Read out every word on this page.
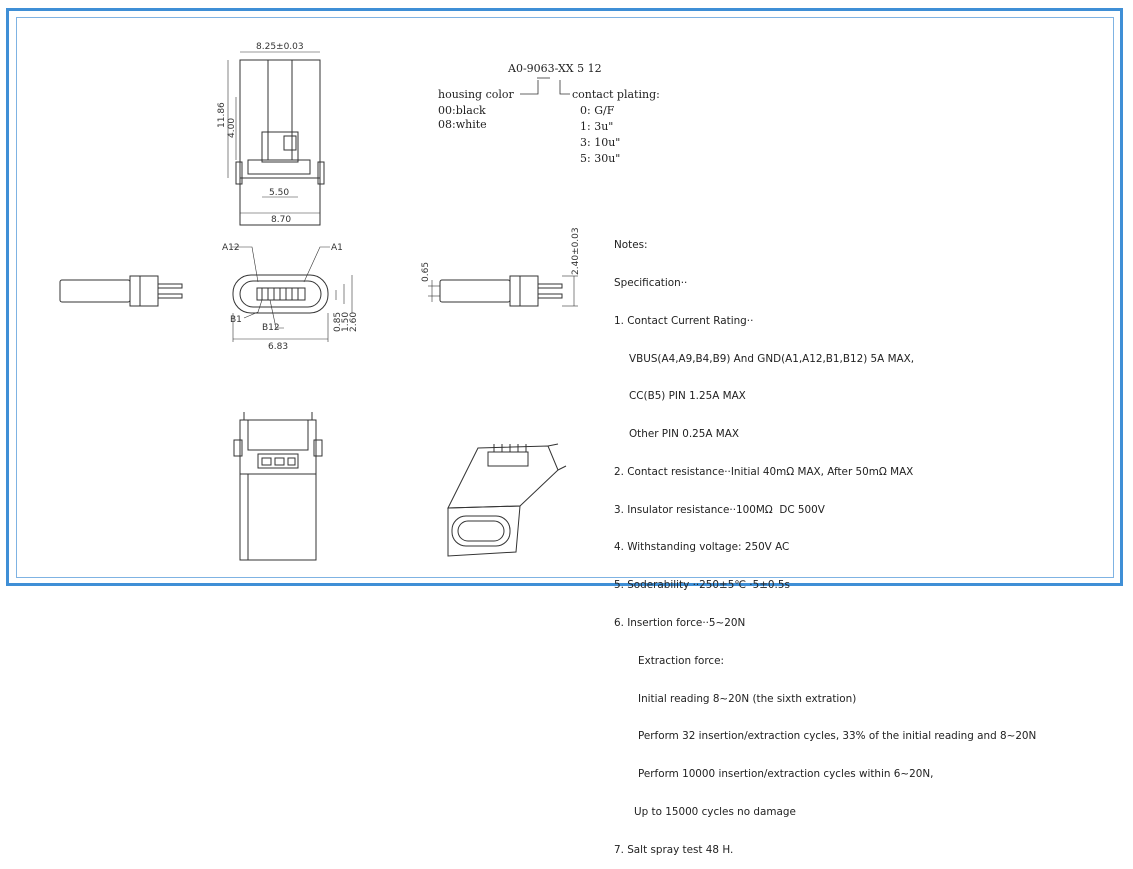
8.25±0.03
11.86 4.00
5.50
8.70
A12	A1
B1
B12	0.85
1.50
2.60
6.83
0.65	2.40±0.03
A0-9063-XX 5 12
housing color
00:black
08:white
contact plating:
0: G/F
1: 3u"
3: 10u"
5: 30u"

Notes:

Specification··

1. Contact Current Rating··

VBUS(A4,A9,B4,B9) And GND(A1,A12,B1,B12) 5A MAX,

CC(B5) PIN 1.25A MAX

Other PIN 0.25A MAX

2. Contact resistance··Initial 40mΩ MAX, After 50mΩ MAX

3. Insulator resistance··100MΩ  DC 500V

4. Withstanding voltage: 250V AC

5. Soderability ··250±5℃ ·5±0.5s

6. Insertion force··5~20N

Extraction force:

Initial reading 8~20N (the sixth extration)

Perform 32 insertion/extraction cycles, 33% of the initial reading and 8~20N

Perform 10000 insertion/extraction cycles within 6~20N,

Up to 15000 cycles no damage

7. Salt spray test 48 H.
